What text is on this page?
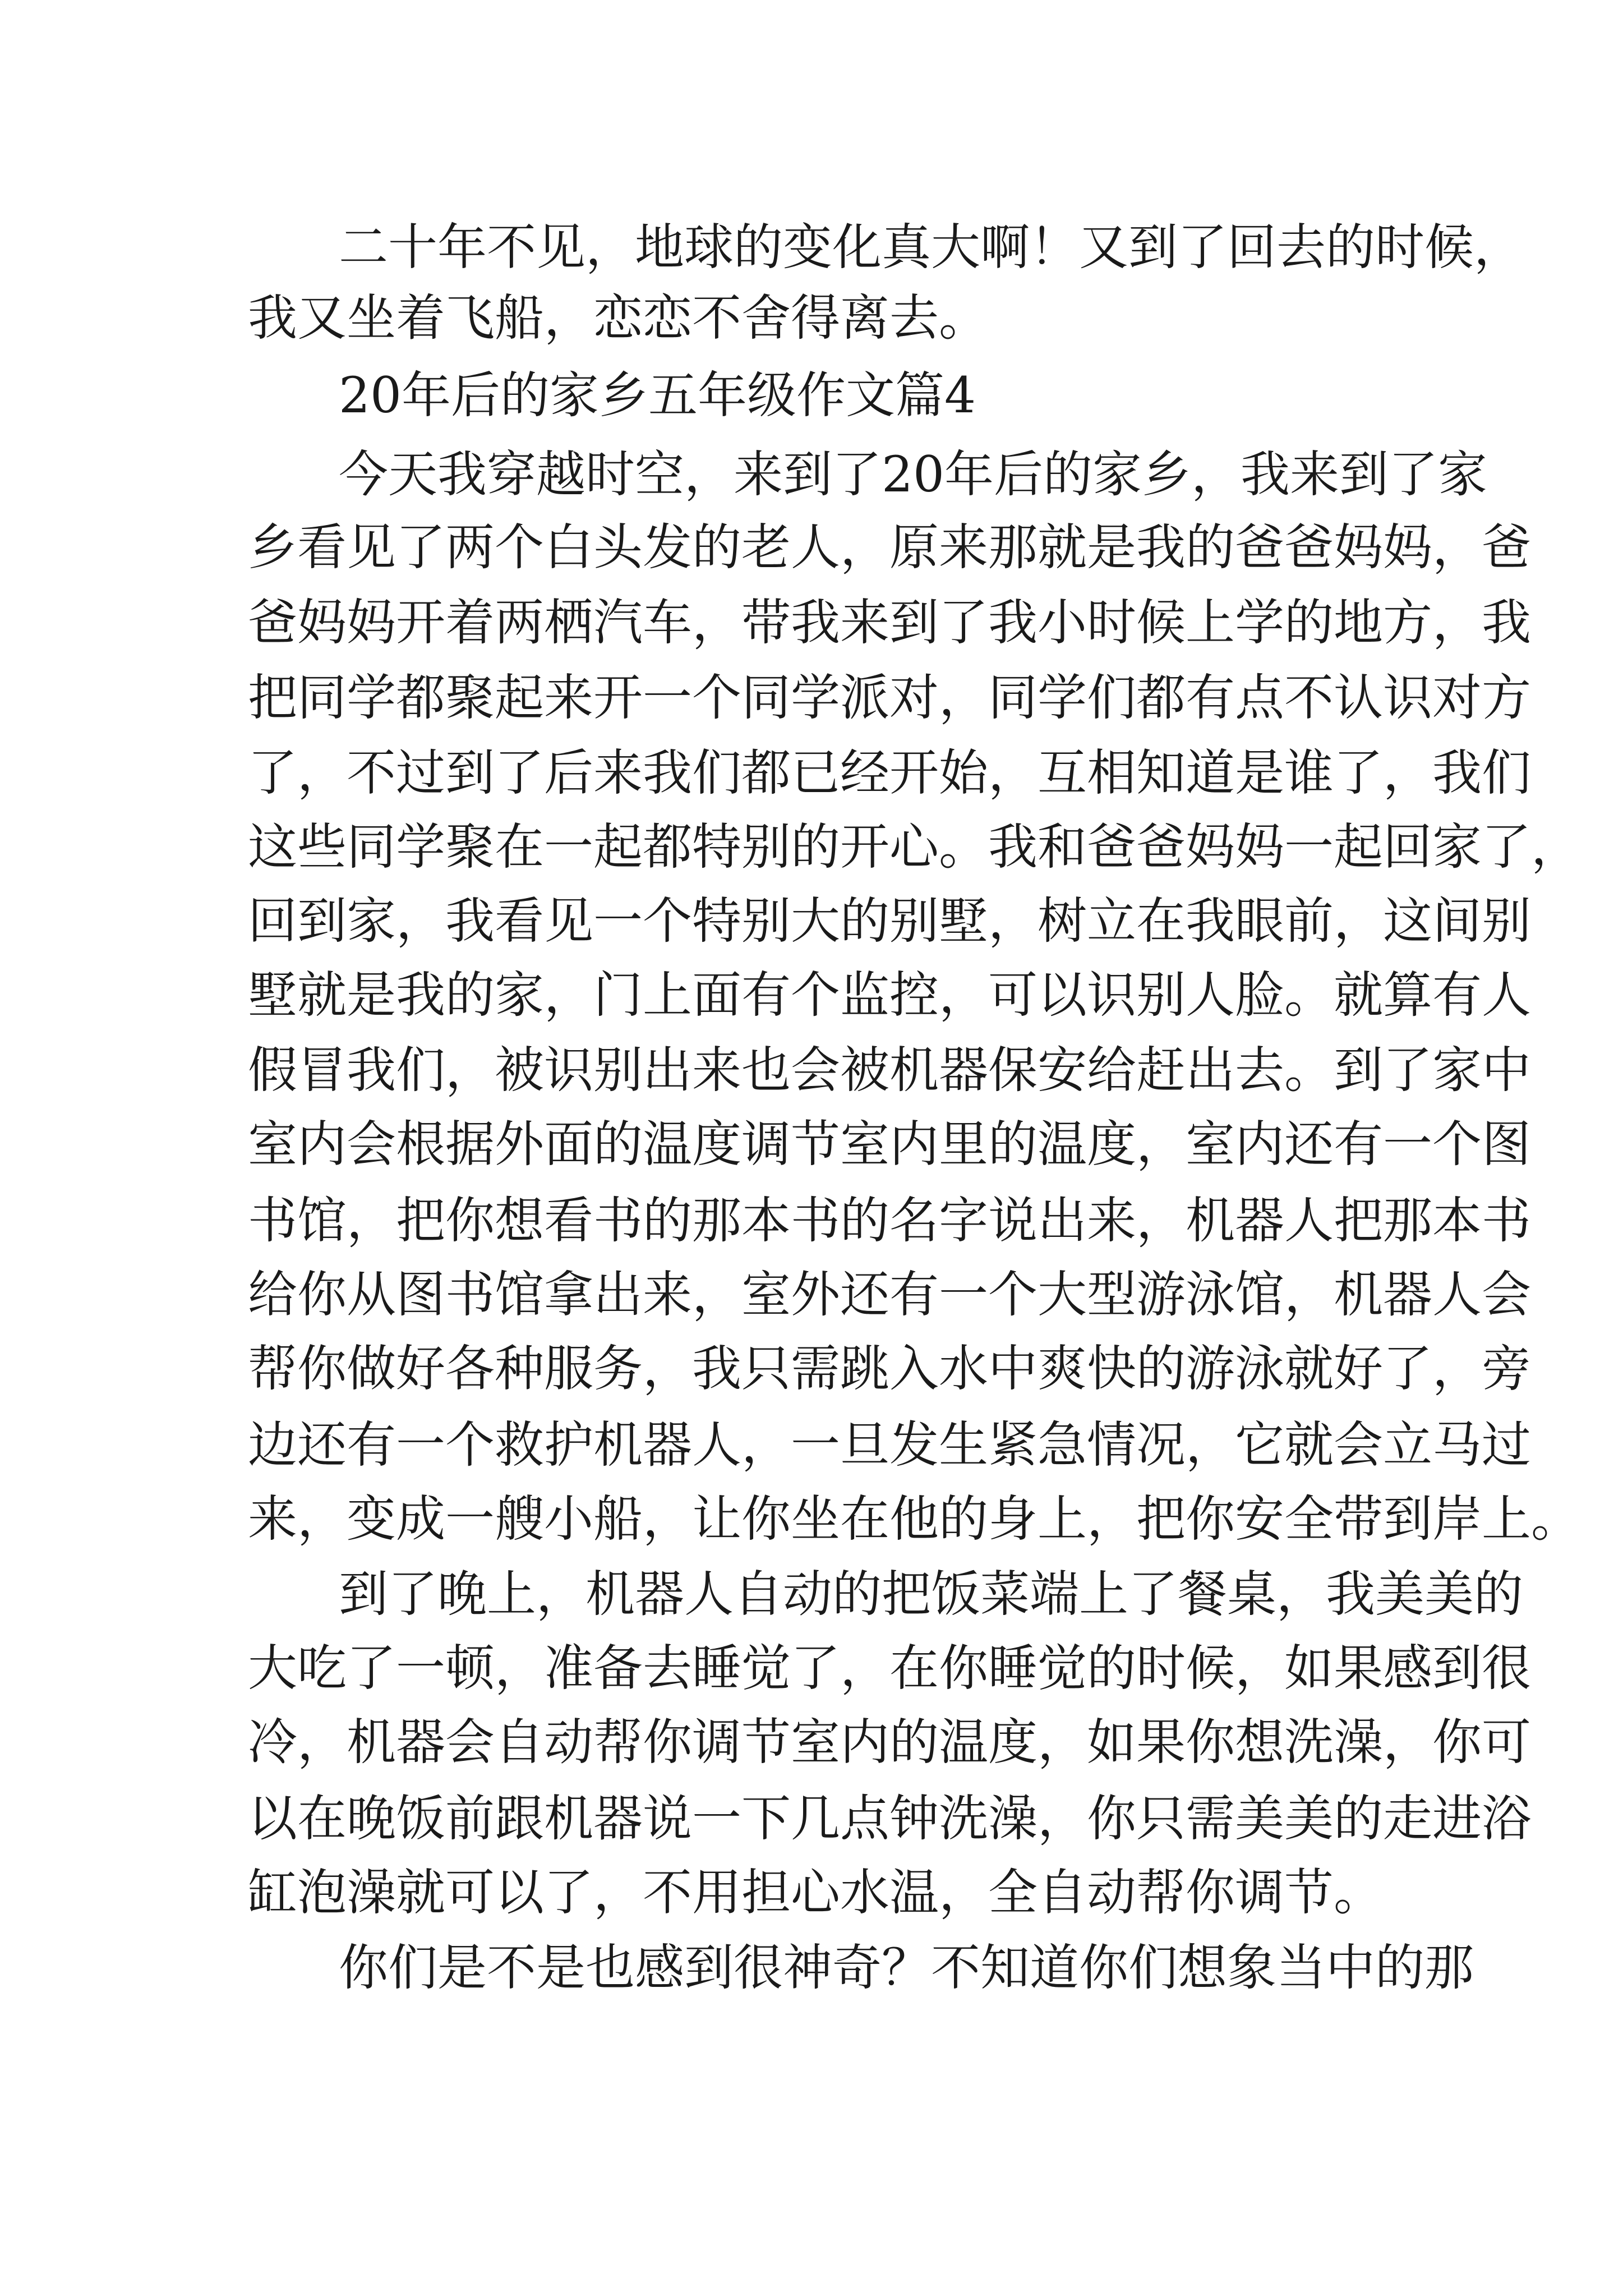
二十年不见，地球的变化真大啊！又到了回去的时候，
我又坐着飞船，恋恋不舍得离去。
20年后的家乡五年级作文篇4
今天我穿越时空，来到了20年后的家乡，我来到了家
乡看见了两个白头发的老人，原来那就是我的爸爸妈妈，爸
爸妈妈开着两栖汽车，带我来到了我小时候上学的地方，我
把同学都聚起来开一个同学派对，同学们都有点不认识对方
了，不过到了后来我们都已经开始，互相知道是谁了，我们
这些同学聚在一起都特别的开心。我和爸爸妈妈一起回家了，
回到家，我看见一个特别大的别墅，树立在我眼前，这间别
墅就是我的家，门上面有个监控，可以识别人脸。就算有人
假冒我们，被识别出来也会被机器保安给赶出去。到了家中
室内会根据外面的温度调节室内里的温度，室内还有一个图
书馆，把你想看书的那本书的名字说出来，机器人把那本书
给你从图书馆拿出来，室外还有一个大型游泳馆，机器人会
帮你做好各种服务，我只需跳入水中爽快的游泳就好了，旁
边还有一个救护机器人，一旦发生紧急情况，它就会立马过
来，变成一艘小船，让你坐在他的身上，把你安全带到岸上。
到了晚上，机器人自动的把饭菜端上了餐桌，我美美的
大吃了一顿，准备去睡觉了，在你睡觉的时候，如果感到很
冷，机器会自动帮你调节室内的温度，如果你想洗澡，你可
以在晚饭前跟机器说一下几点钟洗澡，你只需美美的走进浴
缸泡澡就可以了，不用担心水温，全自动帮你调节。
你们是不是也感到很神奇？不知道你们想象当中的那
